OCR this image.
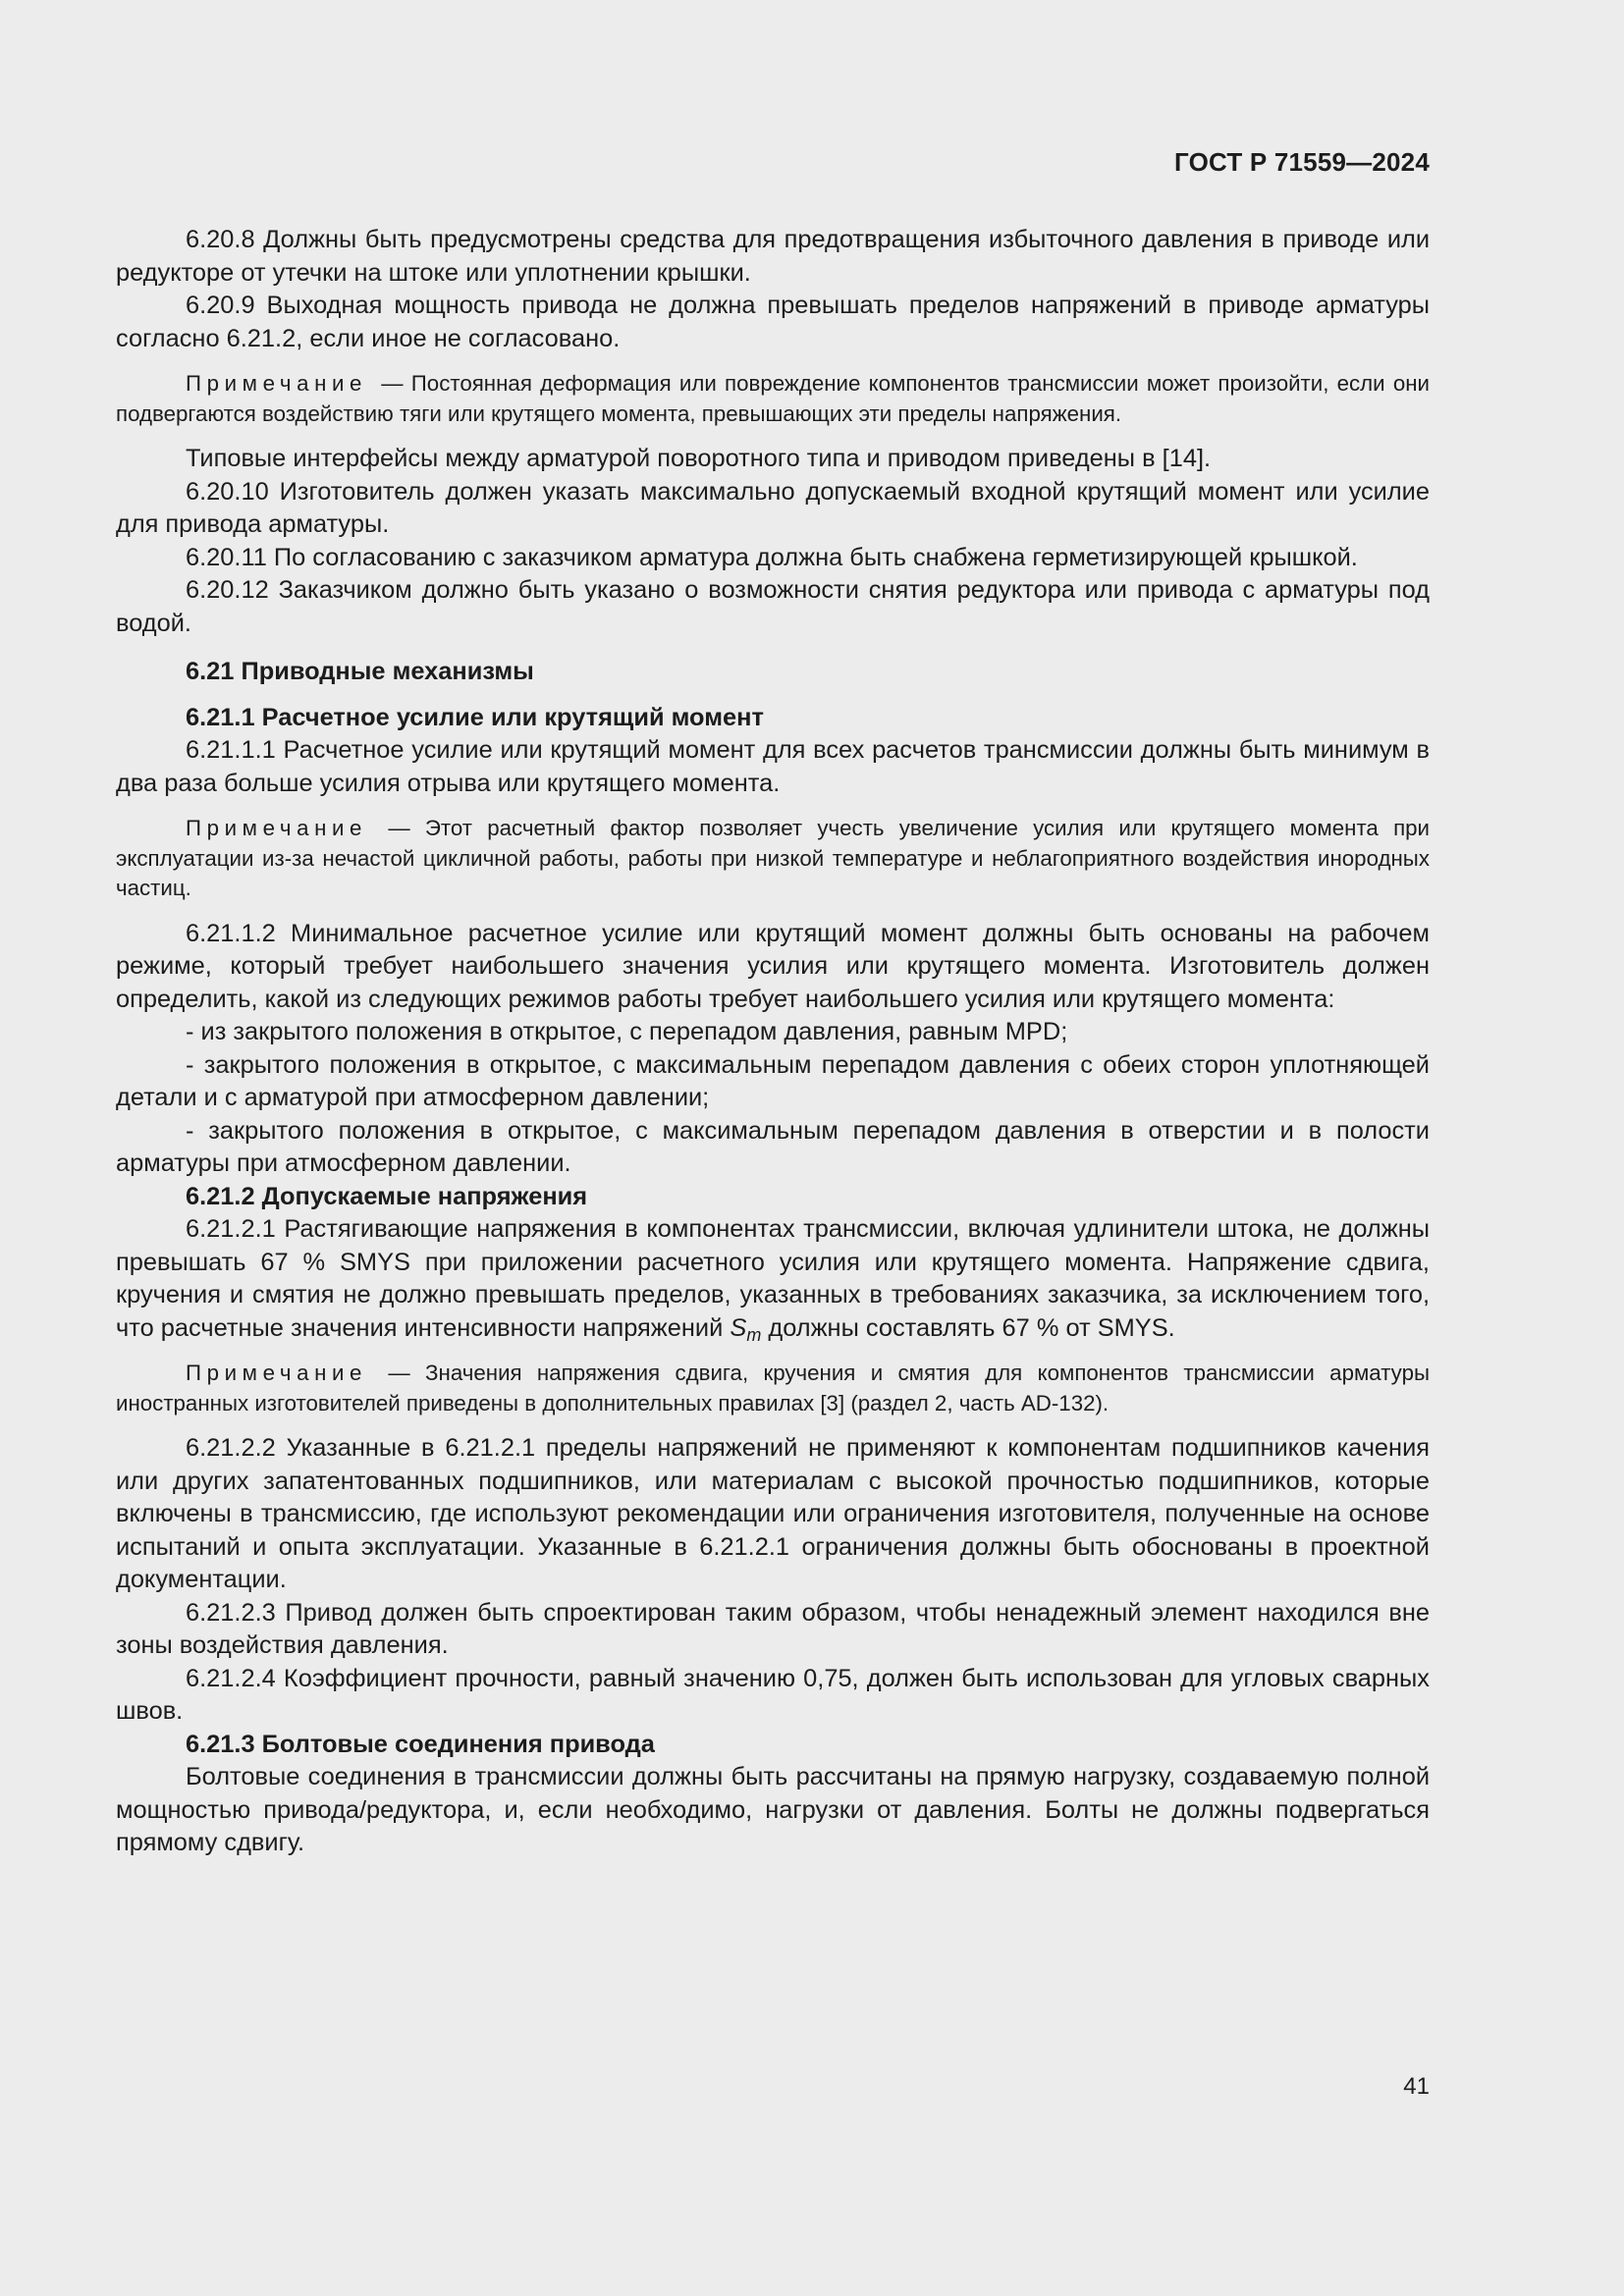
ГОСТ Р 71559—2024

6.20.8 Должны быть предусмотрены средства для предотвращения избыточного давления в приводе или редукторе от утечки на штоке или уплотнении крышки.

6.20.9 Выходная мощность привода не должна превышать пределов напряжений в приводе арматуры согласно 6.21.2, если иное не согласовано.

Примечание — Постоянная деформация или повреждение компонентов трансмиссии может произойти, если они подвергаются воздействию тяги или крутящего момента, превышающих эти пределы напряжения.

Типовые интерфейсы между арматурой поворотного типа и приводом приведены в [14].

6.20.10 Изготовитель должен указать максимально допускаемый входной крутящий момент или усилие для привода арматуры.

6.20.11 По согласованию с заказчиком арматура должна быть снабжена герметизирующей крышкой.

6.20.12 Заказчиком должно быть указано о возможности снятия редуктора или привода с арматуры под водой.

6.21 Приводные механизмы
6.21.1 Расчетное усилие или крутящий момент

6.21.1.1 Расчетное усилие или крутящий момент для всех расчетов трансмиссии должны быть минимум в два раза больше усилия отрыва или крутящего момента.

Примечание — Этот расчетный фактор позволяет учесть увеличение усилия или крутящего момента при эксплуатации из-за нечастой цикличной работы, работы при низкой температуре и неблагоприятного воздействия инородных частиц.

6.21.1.2 Минимальное расчетное усилие или крутящий момент должны быть основаны на рабочем режиме, который требует наибольшего значения усилия или крутящего момента. Изготовитель должен определить, какой из следующих режимов работы требует наибольшего усилия или крутящего момента:

- из закрытого положения в открытое, с перепадом давления, равным MPD;

- закрытого положения в открытое, с максимальным перепадом давления с обеих сторон уплотняющей детали и с арматурой при атмосферном давлении;

- закрытого положения в открытое, с максимальным перепадом давления в отверстии и в полости арматуры при атмосферном давлении.

6.21.2 Допускаемые напряжения

6.21.2.1 Растягивающие напряжения в компонентах трансмиссии, включая удлинители штока, не должны превышать 67 % SMYS при приложении расчетного усилия или крутящего момента. Напряжение сдвига, кручения и смятия не должно превышать пределов, указанных в требованиях заказчика, за исключением того, что расчетные значения интенсивности напряжений $S_m$ должны составлять 67 % от SMYS.

Примечание — Значения напряжения сдвига, кручения и смятия для компонентов трансмиссии арматуры иностранных изготовителей приведены в дополнительных правилах [3] (раздел 2, часть AD-132).

6.21.2.2 Указанные в 6.21.2.1 пределы напряжений не применяют к компонентам подшипников качения или других запатентованных подшипников, или материалам с высокой прочностью подшипников, которые включены в трансмиссию, где используют рекомендации или ограничения изготовителя, полученные на основе испытаний и опыта эксплуатации. Указанные в 6.21.2.1 ограничения должны быть обоснованы в проектной документации.

6.21.2.3 Привод должен быть спроектирован таким образом, чтобы ненадежный элемент находился вне зоны воздействия давления.

6.21.2.4 Коэффициент прочности, равный значению 0,75, должен быть использован для угловых сварных швов.

6.21.3 Болтовые соединения привода

Болтовые соединения в трансмиссии должны быть рассчитаны на прямую нагрузку, создаваемую полной мощностью привода/редуктора, и, если необходимо, нагрузки от давления. Болты не должны подвергаться прямому сдвигу.

41
